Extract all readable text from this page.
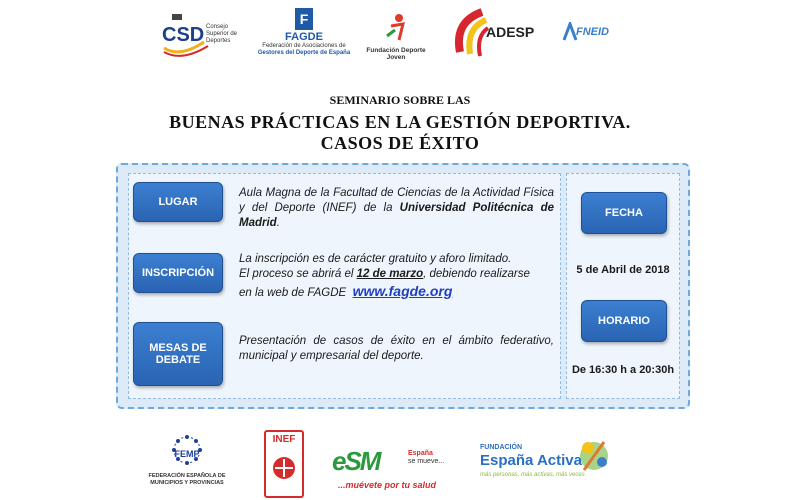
CSD Consejo
Superior de
Deportes
F
FAGDE
Federación de Asociaciones de
Gestores del Deporte de España	Fundación Deporte Joven
ADESP	FNEID
SEMINARIO SOBRE LAS
BUENAS PRÁCTICAS EN LA GESTIÓN DEPORTIVA.
CASOS DE ÉXITO
LUGAR
Aula Magna de la Facultad de Ciencias de la Actividad Física y del Deporte (INEF) de la Universidad Politécnica de Madrid.
INSCRIPCIÓN
La inscripción es de carácter gratuito y aforo limitado.
El proceso se abrirá el 12 de marzo, debiendo realizarse
en la web de FAGDE www.fagde.org
MESAS DE
DEBATE
Presentación de casos de éxito en el ámbito federativo, municipal y empresarial del deporte.
FECHA
5 de Abril de 2018
HORARIO
De 16:30 h a 20:30h
FEMP
FEDERACIÓN ESPAÑOLA DE
MUNICIPIOS Y PROVINCIAS
INEF
eSM	España
se mueve...
...muévete por tu salud
FUNDACIÓN
España Activa
más personas, más activas, más veces
